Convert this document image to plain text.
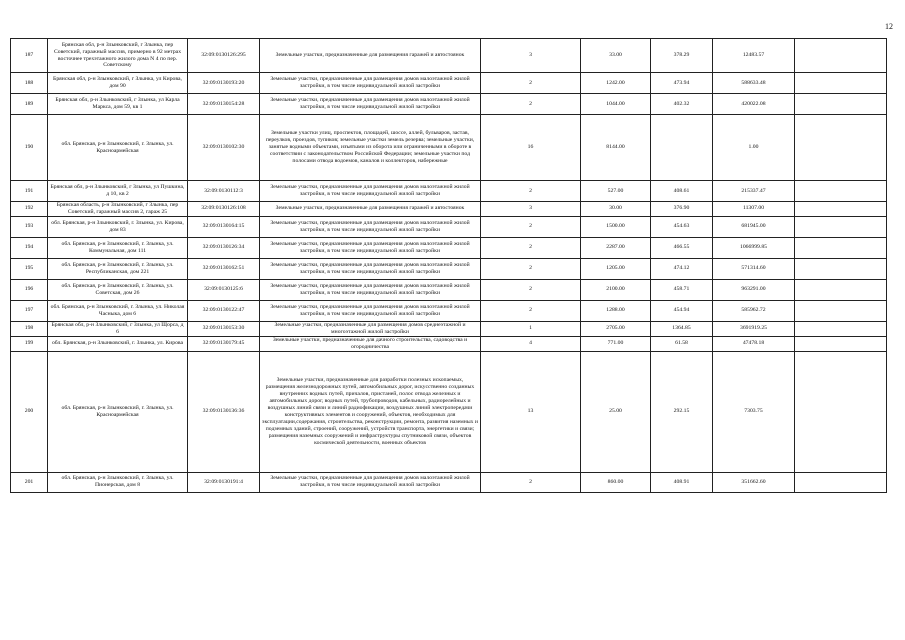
12
187	Брянская обл, р-н Злынковский, г Злынка, пер Советский, гаражный массив, примерно в 92 метрах восточнее трехэтажного жилого дома N 4 по пер. Советскому	32:09:0130126:295	Земельные участки, предназначенные для размещения гаражей и автостоянок	3	33.00	378.29	12483.57	
188	Брянская обл, р-н Злынковский, г Злынка, ул Кирова, дом 90	32:09:0130193:20	Земельные участки, предназначенные для размещения домов малоэтажной жилой застройки, в том числе индивидуальной жилой застройки	2	1242.00	473.94	588633.48	
189	Брянская обл, р-н Злынковский, г Злынка, ул Карла Маркса, дом 59, кв 1	32:09:0130154:28	Земельные участки, предназначенные для размещения домов малоэтажной жилой застройки, в том числе индивидуальной жилой застройки	2	1044.00	402.32	420022.08	
190	обл. Брянская, р-н Злынковский, г. Злынка, ул. Красноармейская	32:09:0130102:30	Земельные участки улиц, проспектов, площадей, шоссе, аллей, бульваров, застав, переулков, проездов, тупиков; земельные участки земель резерва; земельные участки, занятые водными объектами, изъятыми из оборота или ограниченными в обороте в соответствии с законодательством Российской Федерации; земельные участки под полосами отвода водоемов, каналов и коллекторов, набережные	16	8144.00		1.00	
191	Брянская обл, р-н Злынковский, г Злынка, ул Пушкина, д 10, кв 2	32:09:0130112:3	Земельные участки, предназначенные для размещения домов малоэтажной жилой застройки, в том числе индивидуальной жилой застройки	2	527.00	408.61	215337.47	
192	Брянская область, р-н Злынковский, г Злынка, пер Советский, гаражный массив 2, гараж 25	32:09:0130126:108	Земельные участки, предназначенные для размещения гаражей и автостоянок	3	30.00	376.90	11307.00	
193	обл. Брянская, р-н Злынковский, г. Злынка, ул. Кирова, дом 83	32:09:0130164:15	Земельные участки, предназначенные для размещения домов малоэтажной жилой застройки, в том числе индивидуальной жилой застройки	2	1500.00	454.63	681945.00	
194	обл. Брянская, р-н Злынковский, г. Злынка, ул. Коммунальная, дом 111	32:09:0130126:34	Земельные участки, предназначенные для размещения домов малоэтажной жилой застройки, в том числе индивидуальной жилой застройки	2	2287.00	466.55	1066999.85	
195	обл. Брянская, р-н Злынковский, г. Злынка, ул. Республиканская, дом 221	32:09:0130162:51	Земельные участки, предназначенные для размещения домов малоэтажной жилой застройки, в том числе индивидуальной жилой застройки	2	1205.00	474.12	571314.60	
196	обл. Брянская, р-н Злынковский, г. Злынка, ул. Советская, дом 26	32:09:0130125:6	Земельные участки, предназначенные для размещения домов малоэтажной жилой застройки, в том числе индивидуальной жилой застройки	2	2100.00	458.71	963291.00	
197	обл. Брянская, р-н Злынковский, г. Злынка, ул. Николая Часныка, дом 6	32:09:0130122:47	Земельные участки, предназначенные для размещения домов малоэтажной жилой застройки, в том числе индивидуальной жилой застройки	2	1288.00	454.94	585962.72	
198	Брянская обл, р-н Злынковский, г Злынка, ул Щорса, д 6	32:09:0130153:30	Земельные участки, предназначенные для размещения домов среднеэтажной и многоэтажной жилой застройки	1	2705.00	1364.85	3691919.25	
199	обл. Брянская, р-н Злынковский, г. Злынка, ул. Кирова	32:09:0130179:45	Земельные участки, предназначенные для дачного строительства, садоводства и огородничества	4	771.00	61.58	47478.18	
200	обл. Брянская, р-н Злынковский, г. Злынка, ул. Красноармейская	32:09:0130136:36	Земельные участки, предназначенные для разработки полезных ископаемых, размещения железнодорожных путей, автомобильных дорог, искусственно созданных внутренних водных путей, причалов, пристаней, полос отвода железных и автомобильных дорог, водных путей, трубопроводов, кабельных, радиорелейных и воздушных линий связи и линий радиофикации, воздушных линий электропередачи конструктивных элементов и сооружений, объектов, необходимых для эксплуатации,содержания, строительства, реконструкции, ремонта, развития наземных и подземных зданий, строений, сооружений, устройств транспорта, энергетики и связи; размещения наземных сооружений и инфраструктуры спутниковой связи, объектов космической деятельности, военных объектов	13	25.00	292.15	7303.75	
201	обл. Брянская, р-н Злынковский, г. Злынка, ул. Пионерская, дом 8	32:09:0130191:4	Земельные участки, предназначенные для размещения домов малоэтажной жилой застройки, в том числе индивидуальной жилой застройки	2	860.00	408.91	351662.60	
